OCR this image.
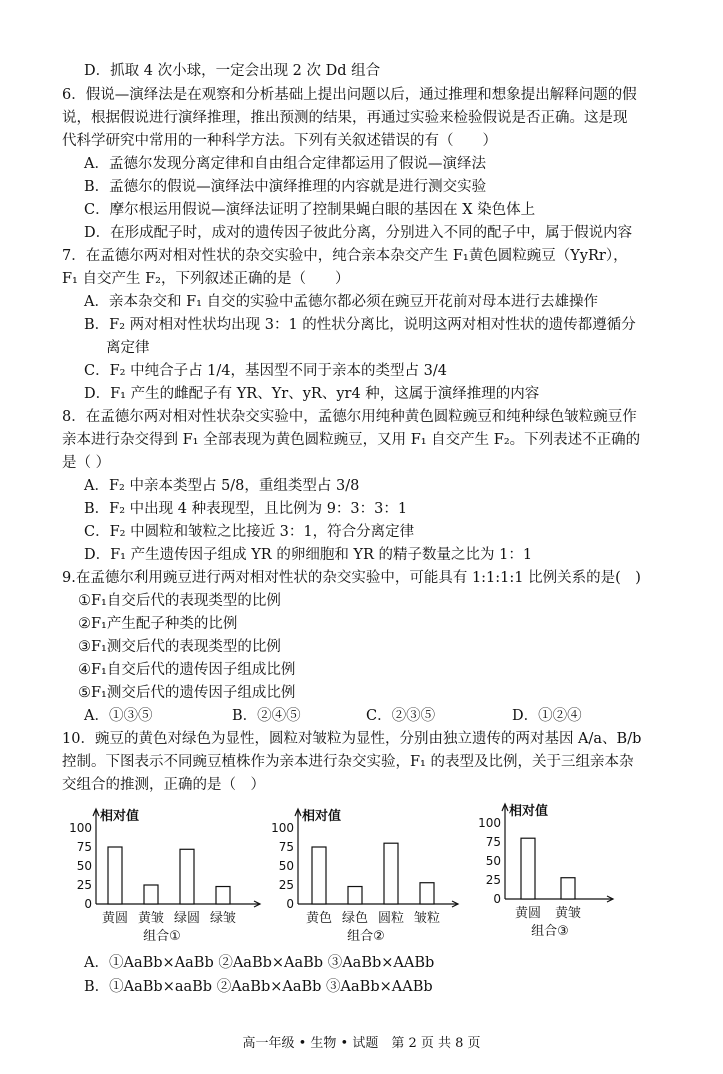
D．抓取 4 次小球，一定会出现 2 次 Dd 组合
6．假说—演绎法是在观察和分析基础上提出问题以后，通过推理和想象提出解释问题的假
说，根据假说进行演绎推理，推出预测的结果，再通过实验来检验假说是否正确。这是现
代科学研究中常用的一种科学方法。下列有关叙述错误的有（　　）
A．孟德尔发现分离定律和自由组合定律都运用了假说—演绎法
B．孟德尔的假说—演绎法中演绎推理的内容就是进行测交实验
C．摩尔根运用假说—演绎法证明了控制果蝇白眼的基因在 X 染色体上
D．在形成配子时，成对的遗传因子彼此分离，分别进入不同的配子中，属于假说内容
7．在孟德尔两对相对性状的杂交实验中，纯合亲本杂交产生 F₁黄色圆粒豌豆（YyRr），
F₁ 自交产生 F₂，下列叙述正确的是（　　）
A．亲本杂交和 F₁ 自交的实验中孟德尔都必须在豌豆开花前对母本进行去雄操作
B．F₂ 两对相对性状均出现 3：1 的性状分离比，说明这两对相对性状的遗传都遵循分
离定律
C．F₂ 中纯合子占 1/4，基因型不同于亲本的类型占 3/4
D．F₁ 产生的雌配子有 YR、Yr、yR、yr4 种，这属于演绎推理的内容
8．在孟德尔两对相对性状杂交实验中，孟德尔用纯种黄色圆粒豌豆和纯种绿色皱粒豌豆作
亲本进行杂交得到 F₁ 全部表现为黄色圆粒豌豆，又用 F₁ 自交产生 F₂。下列表述不正确的
是（ ）
A．F₂ 中亲本类型占 5/8，重组类型占 3/8
B．F₂ 中出现 4 种表现型，且比例为 9：3：3：1
C．F₂ 中圆粒和皱粒之比接近 3：1，符合分离定律
D．F₁ 产生遗传因子组成 YR 的卵细胞和 YR 的精子数量之比为 1：1
9.在孟德尔利用豌豆进行两对相对性状的杂交实验中，可能具有 1:1:1:1 比例关系的是(　)
①F₁自交后代的表现类型的比例
②F₁产生配子种类的比例
③F₁测交后代的表现类型的比例
④F₁自交后代的遗传因子组成比例
⑤F₁测交后代的遗传因子组成比例
A．①③⑤	B．②④⑤	C．②③⑤	D．①②④
10．豌豆的黄色对绿色为显性，圆粒对皱粒为显性，分别由独立遗传的两对基因 A/a、B/b
控制。下图表示不同豌豆植株作为亲本进行杂交实验，F₁ 的表型及比例，关于三组亲本杂
交组合的推测，正确的是（　）
相对值
100
75
50
25
0
黄圆 黄皱 绿圆 绿皱
组合①
相对值
100
75
50
25
0
黄色 绿色 圆粒 皱粒
组合②
相对值
100
75
50
25
0
黄圆 黄皱
组合③
A．①AaBb×AaBb ②AaBb×AaBb ③AaBb×AABb
B．①AaBb×aaBb ②AaBb×AaBb ③AaBb×AABb
高一年级 • 生物 • 试题　第 2 页 共 8 页
